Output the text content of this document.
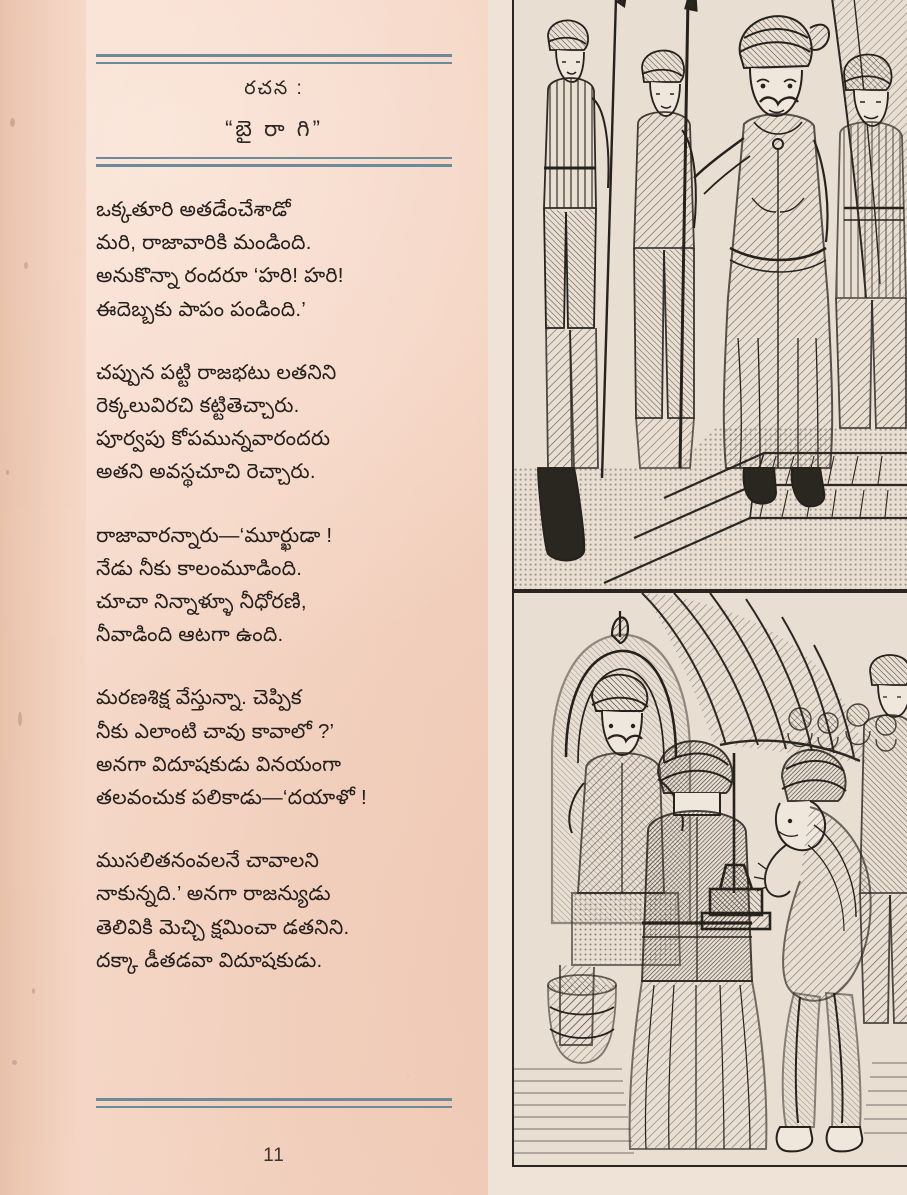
రచన :
“బై రా గి”
ఒక్కతూరి అతడేంచేశాడో
మరి, రాజావారికి మండింది.
అనుకొన్నా రందరూ ‘హరి! హరి!
ఈదెబ్బకు పాపం పండింది.’
చప్పున పట్టి రాజభటు లతనిని
రెక్కలువిరచి కట్టితెచ్చారు.
పూర్వపు కోపమున్నవారందరు
అతని అవస్థచూచి రెచ్చారు.
రాజావారన్నారు—‘మూర్ఖుడా !
నేడు నీకు కాలంమూడింది.
చూచా నిన్నాళ్ళూ నీధోరణి,
నీవాడింది ఆటగా ఉంది.
మరణశిక్ష వేస్తున్నా. చెప్పిక
నీకు ఎలాంటి చావు కావాలో ?’
అనగా విదూషకుడు వినయంగా
తలవంచుక పలికాడు—‘దయాళో !
ముసలితనంవలనే చావాలని
నాకున్నది.’ అనగా రాజన్యుడు
తెలివికి మెచ్చి క్షమించా డతనిని.
దక్కా డీతడవా విదూషకుడు.
11
